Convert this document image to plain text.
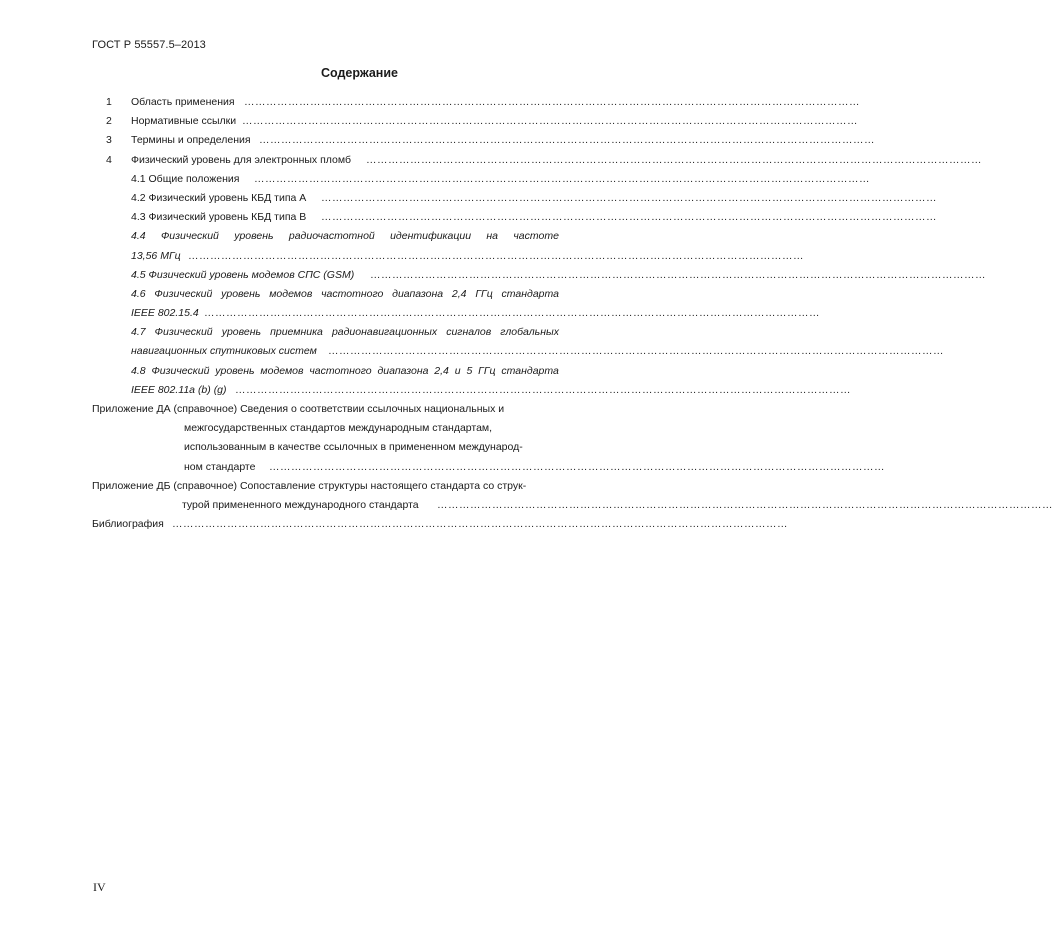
ГОСТ Р 55557.5–2013
Содержание
1 Область применения ……………………………………………………………………………………………………………………………………………………
2 Нормативные ссылки ……………………………………………………………………………………………………………………………………………………
3 Термины и определения ……………………………………………………………………………………………………………………………………………………
4 Физический уровень для электронных пломб ……………………………………………………………………………………………………………………………………………………
4.1 Общие положения ……………………………………………………………………………………………………………………………………………………
4.2 Физический уровень КБД типа А ……………………………………………………………………………………………………………………………………………………
4.3 Физический уровень КБД типа В ……………………………………………………………………………………………………………………………………………………
4.4 Физический уровень радиочастотной идентификации на частоте
13,56 МГц ……………………………………………………………………………………………………………………………………………………
4.5 Физический уровень модемов СПС (GSM) ……………………………………………………………………………………………………………………………………………………
4.6 Физический уровень модемов частотного диапазона 2,4 ГГц стандарта
IEEE 802.15.4 ……………………………………………………………………………………………………………………………………………………
4.7 Физический уровень приемника радионавигационных сигналов глобальных
навигационных спутниковых систем ……………………………………………………………………………………………………………………………………………………
4.8 Физический уровень модемов частотного диапазона 2,4 и 5 ГГц стандарта
IEEE 802.11a (b) (g) ……………………………………………………………………………………………………………………………………………………
Приложение ДА (справочное) Сведения о соответствии ссылочных национальных и
межгосударственных стандартов международным стандартам,
использованным в качестве ссылочных в примененном международ-
ном стандарте ……………………………………………………………………………………………………………………………………………………
Приложение ДБ (справочное) Сопоставление структуры настоящего стандарта со струк-
турой примененного международного стандарта ……………………………………………………………………………………………………………………………………………………
Библиография ……………………………………………………………………………………………………………………………………………………
IV
